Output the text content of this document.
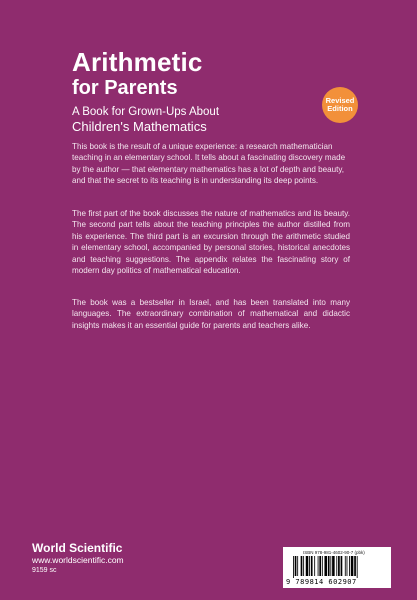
Arithmetic
for Parents
A Book for Grown-Ups About
Children's Mathematics
Revised
Edition
This book is the result of a unique experience: a research mathematician teaching in an elementary school. It tells about a fascinating discovery made by the author — that elementary mathematics has a lot of depth and beauty, and that the secret to its teaching is in understanding its deep points.
The first part of the book discusses the nature of mathematics and its beauty. The second part tells about the teaching principles the author distilled from his experience. The third part is an excursion through the arithmetic studied in elementary school, accompanied by personal stories, historical anecdotes and teaching suggestions. The appendix relates the fascinating story of modern day politics of mathematical education.
The book was a bestseller in Israel, and has been translated into many languages. The extraordinary combination of mathematical and didactic insights makes it an essential guide for parents and teachers alike.
World Scientific
www.worldscientific.com
9159 sc
ISBN 978-981-4602-90-7 (pbk)
9 789814 602907
